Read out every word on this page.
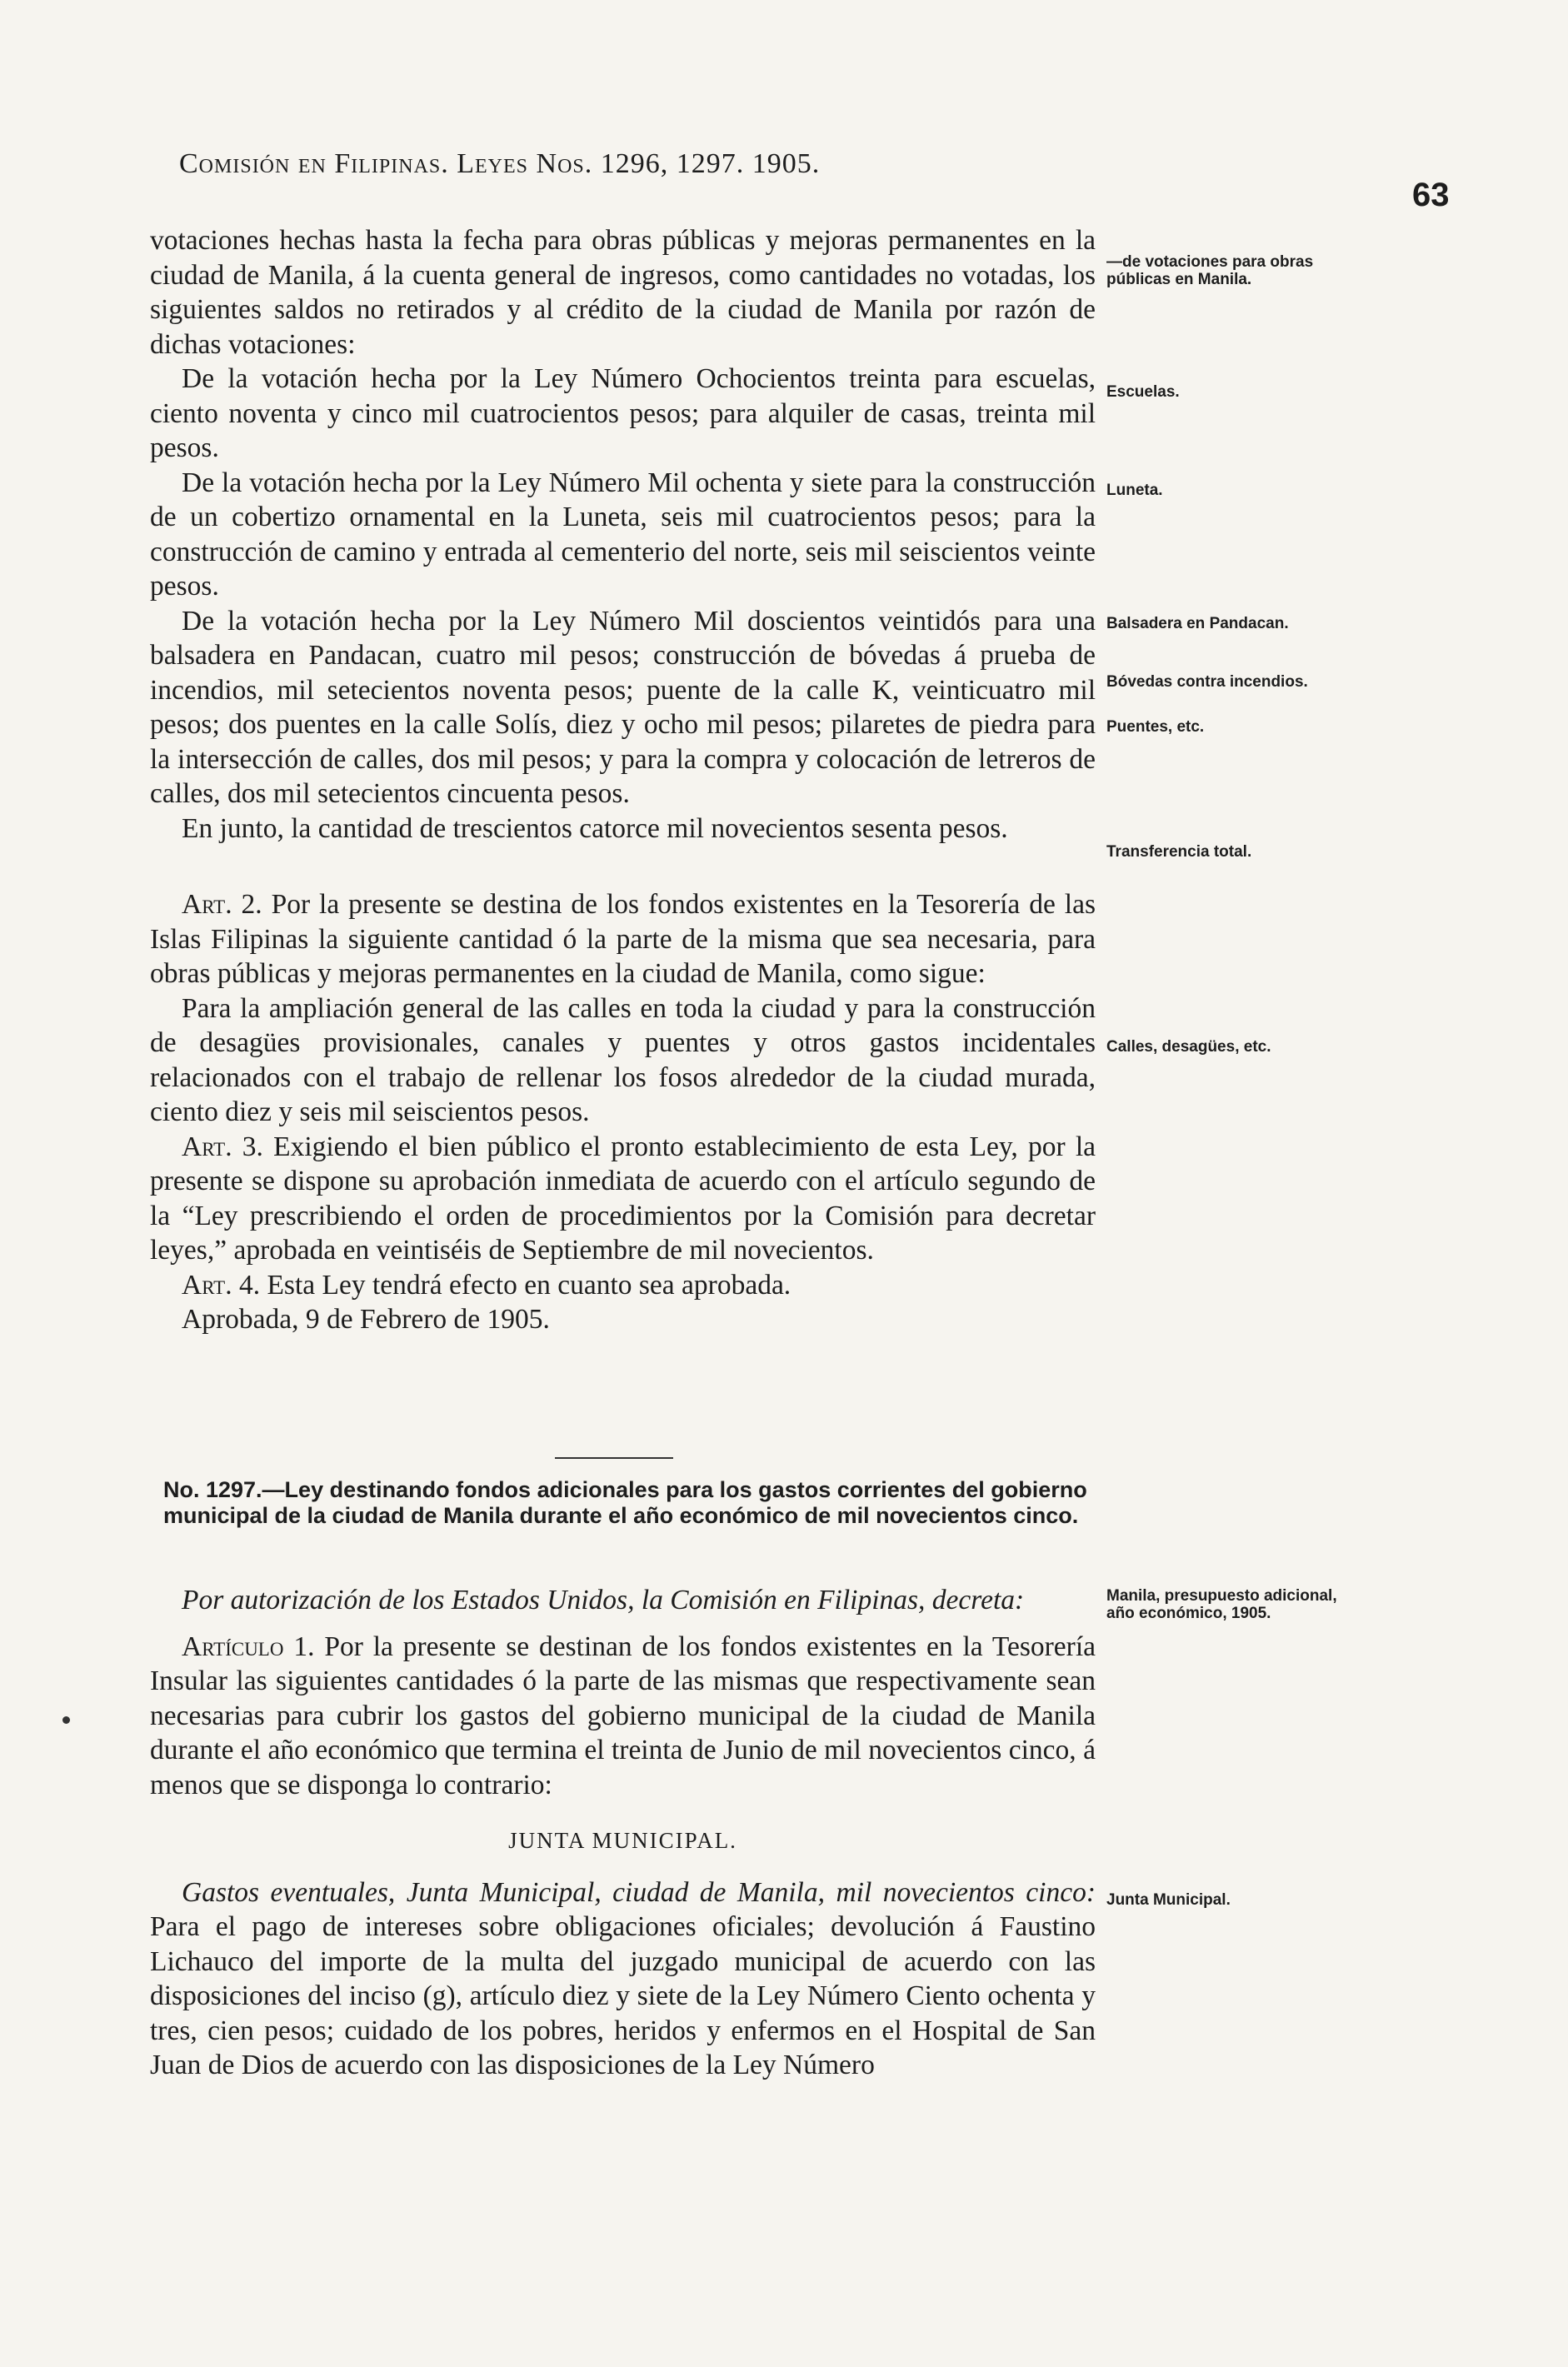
Comisión en Filipinas. Leyes Nos. 1296, 1297. 1905.
63

votaciones hechas hasta la fecha para obras públicas y mejoras permanentes en la ciudad de Manila, á la cuenta general de ingresos, como cantidades no votadas, los siguientes saldos no retirados y al crédito de la ciudad de Manila por razón de dichas votaciones:

De la votación hecha por la Ley Número Ochocientos treinta para escuelas, ciento noventa y cinco mil cuatrocientos pesos; para alquiler de casas, treinta mil pesos.

De la votación hecha por la Ley Número Mil ochenta y siete para la construcción de un cobertizo ornamental en la Luneta, seis mil cuatrocientos pesos; para la construcción de camino y entrada al cementerio del norte, seis mil seiscientos veinte pesos.

De la votación hecha por la Ley Número Mil doscientos veintidós para una balsadera en Pandacan, cuatro mil pesos; construcción de bóvedas á prueba de incendios, mil setecientos noventa pesos; puente de la calle K, veinticuatro mil pesos; dos puentes en la calle Solís, diez y ocho mil pesos; pilaretes de piedra para la intersección de calles, dos mil pesos; y para la compra y colocación de letreros de calles, dos mil setecientos cincuenta pesos.

En junto, la cantidad de trescientos catorce mil novecientos sesenta pesos.

Art. 2. Por la presente se destina de los fondos existentes en la Tesorería de las Islas Filipinas la siguiente cantidad ó la parte de la misma que sea necesaria, para obras públicas y mejoras permanentes en la ciudad de Manila, como sigue:

Para la ampliación general de las calles en toda la ciudad y para la construcción de desagües provisionales, canales y puentes y otros gastos incidentales relacionados con el trabajo de rellenar los fosos alrededor de la ciudad murada, ciento diez y seis mil seiscientos pesos.

Art. 3. Exigiendo el bien público el pronto establecimiento de esta Ley, por la presente se dispone su aprobación inmediata de acuerdo con el artículo segundo de la “Ley prescribiendo el orden de procedimientos por la Comisión para decretar leyes,” aprobada en veintiséis de Septiembre de mil novecientos.

Art. 4. Esta Ley tendrá efecto en cuanto sea aprobada.

Aprobada, 9 de Febrero de 1905.

No. 1297.—Ley destinando fondos adicionales para los gastos corrientes del gobierno municipal de la ciudad de Manila durante el año económico de mil novecientos cinco.

Por autorización de los Estados Unidos, la Comisión en Filipinas, decreta:

Artículo 1. Por la presente se destinan de los fondos existentes en la Tesorería Insular las siguientes cantidades ó la parte de las mismas que respectivamente sean necesarias para cubrir los gastos del gobierno municipal de la ciudad de Manila durante el año económico que termina el treinta de Junio de mil novecientos cinco, á menos que se disponga lo contrario:

JUNTA MUNICIPAL.

Gastos eventuales, Junta Municipal, ciudad de Manila, mil novecientos cinco: Para el pago de intereses sobre obligaciones oficiales; devolución á Faustino Lichauco del importe de la multa del juzgado municipal de acuerdo con las disposiciones del inciso (g), artículo diez y siete de la Ley Número Ciento ochenta y tres, cien pesos; cuidado de los pobres, heridos y enfermos en el Hospital de San Juan de Dios de acuerdo con las disposiciones de la Ley Número

—de votaciones para obras públicas en Manila.
Escuelas.
Luneta.
Balsadera en Pandacan.
Bóvedas contra incendios.
Puentes, etc.
Transferencia total.
Calles, desagües, etc.
Manila, presupuesto adicional, año económico, 1905.
Junta Municipal.
